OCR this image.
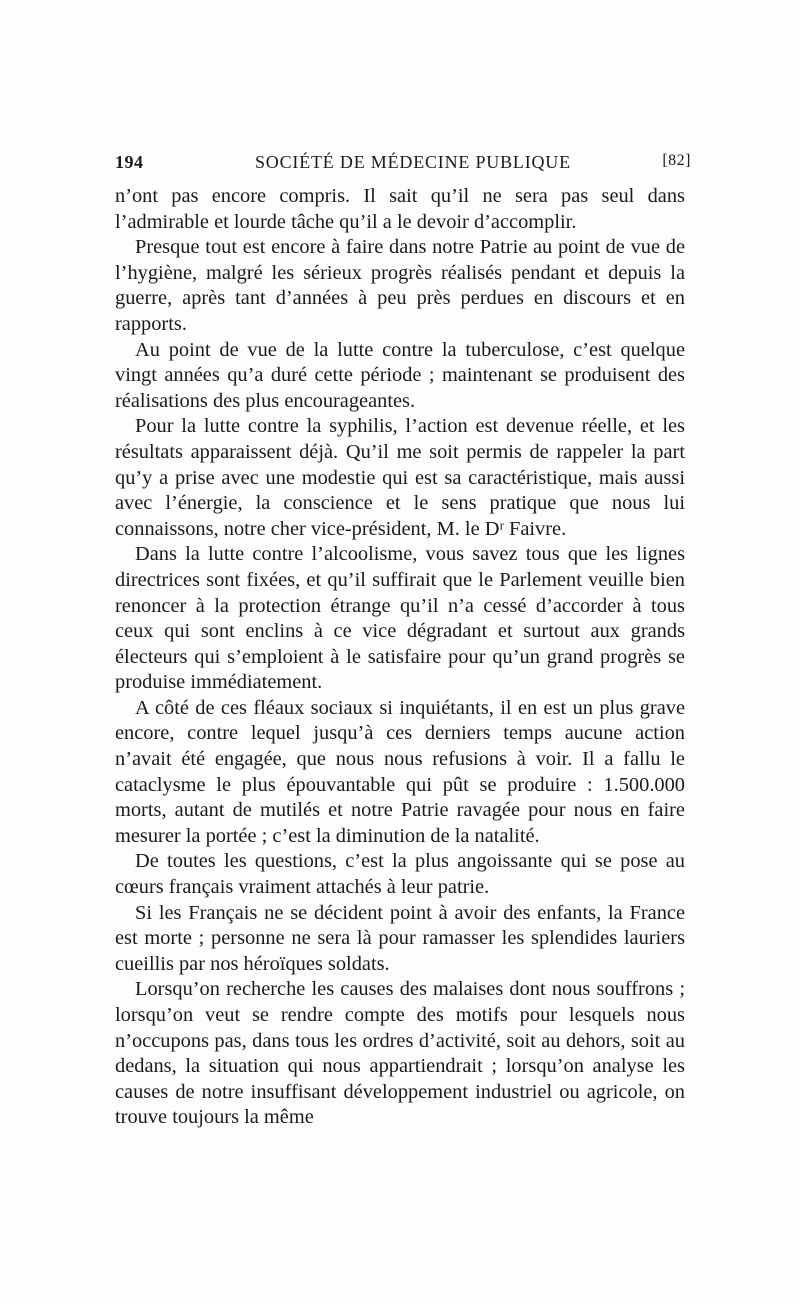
194	SOCIÉTÉ DE MÉDECINE PUBLIQUE	[82]

n’ont pas encore compris. Il sait qu’il ne sera pas seul dans l’admirable et lourde tâche qu’il a le devoir d’accomplir.

Presque tout est encore à faire dans notre Patrie au point de vue de l’hygiène, malgré les sérieux progrès réalisés pendant et depuis la guerre, après tant d’années à peu près perdues en discours et en rapports.

Au point de vue de la lutte contre la tuberculose, c’est quelque vingt années qu’a duré cette période ; maintenant se produisent des réalisations des plus encourageantes.

Pour la lutte contre la syphilis, l’action est devenue réelle, et les résultats apparaissent déjà. Qu’il me soit permis de rappeler la part qu’y a prise avec une modestie qui est sa caractéristique, mais aussi avec l’énergie, la conscience et le sens pratique que nous lui connaissons, notre cher vice-président, M. le Dʳ Faivre.

Dans la lutte contre l’alcoolisme, vous savez tous que les lignes directrices sont fixées, et qu’il suffirait que le Parlement veuille bien renoncer à la protection étrange qu’il n’a cessé d’accorder à tous ceux qui sont enclins à ce vice dégradant et surtout aux grands électeurs qui s’emploient à le satisfaire pour qu’un grand progrès se produise immédiatement.

A côté de ces fléaux sociaux si inquiétants, il en est un plus grave encore, contre lequel jusqu’à ces derniers temps aucune action n’avait été engagée, que nous nous refusions à voir. Il a fallu le cataclysme le plus épouvantable qui pût se produire : 1.500.000 morts, autant de mutilés et notre Patrie ravagée pour nous en faire mesurer la portée ; c’est la diminution de la natalité.

De toutes les questions, c’est la plus angoissante qui se pose au cœurs français vraiment attachés à leur patrie.

Si les Français ne se décident point à avoir des enfants, la France est morte ; personne ne sera là pour ramasser les splendides lauriers cueillis par nos héroïques soldats.

Lorsqu’on recherche les causes des malaises dont nous souffrons ; lorsqu’on veut se rendre compte des motifs pour lesquels nous n’occupons pas, dans tous les ordres d’activité, soit au dehors, soit au dedans, la situation qui nous appartiendrait ; lorsqu’on analyse les causes de notre insuffisant développement industriel ou agricole, on trouve toujours la même
